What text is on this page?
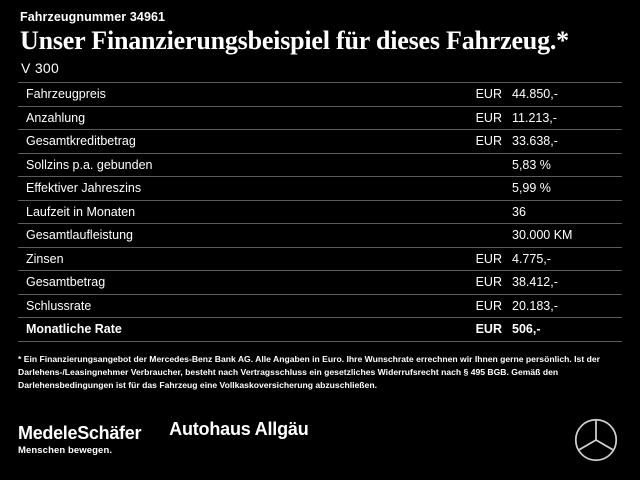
Fahrzeugnummer 34961
Unser Finanzierungsbeispiel für dieses Fahrzeug.*
V 300
Fahrzeugpreis	EUR	44.850,-
Anzahlung	EUR	11.213,-
Gesamtkreditbetrag	EUR	33.638,-
Sollzins p.a. gebunden		5,83 %
Effektiver Jahreszins		5,99 %
Laufzeit in Monaten		36
Gesamtlaufleistung		30.000 KM
Zinsen	EUR	4.775,-
Gesamtbetrag	EUR	38.412,-
Schlussrate	EUR	20.183,-
Monatliche Rate	EUR	506,-
* Ein Finanzierungsangebot der Mercedes-Benz Bank AG. Alle Angaben in Euro. Ihre Wunschrate errechnen wir Ihnen gerne persönlich. Ist der Darlehens-/Leasingnehmer Verbraucher, besteht nach Vertragsschluss ein gesetzliches Widerrufsrecht nach § 495 BGB. Gemäß den Darlehensbedingungen ist für das Fahrzeug eine Vollkaskoversicherung abzuschließen.
MedeleSchäfer
Menschen bewegen.
Autohaus Allgäu
